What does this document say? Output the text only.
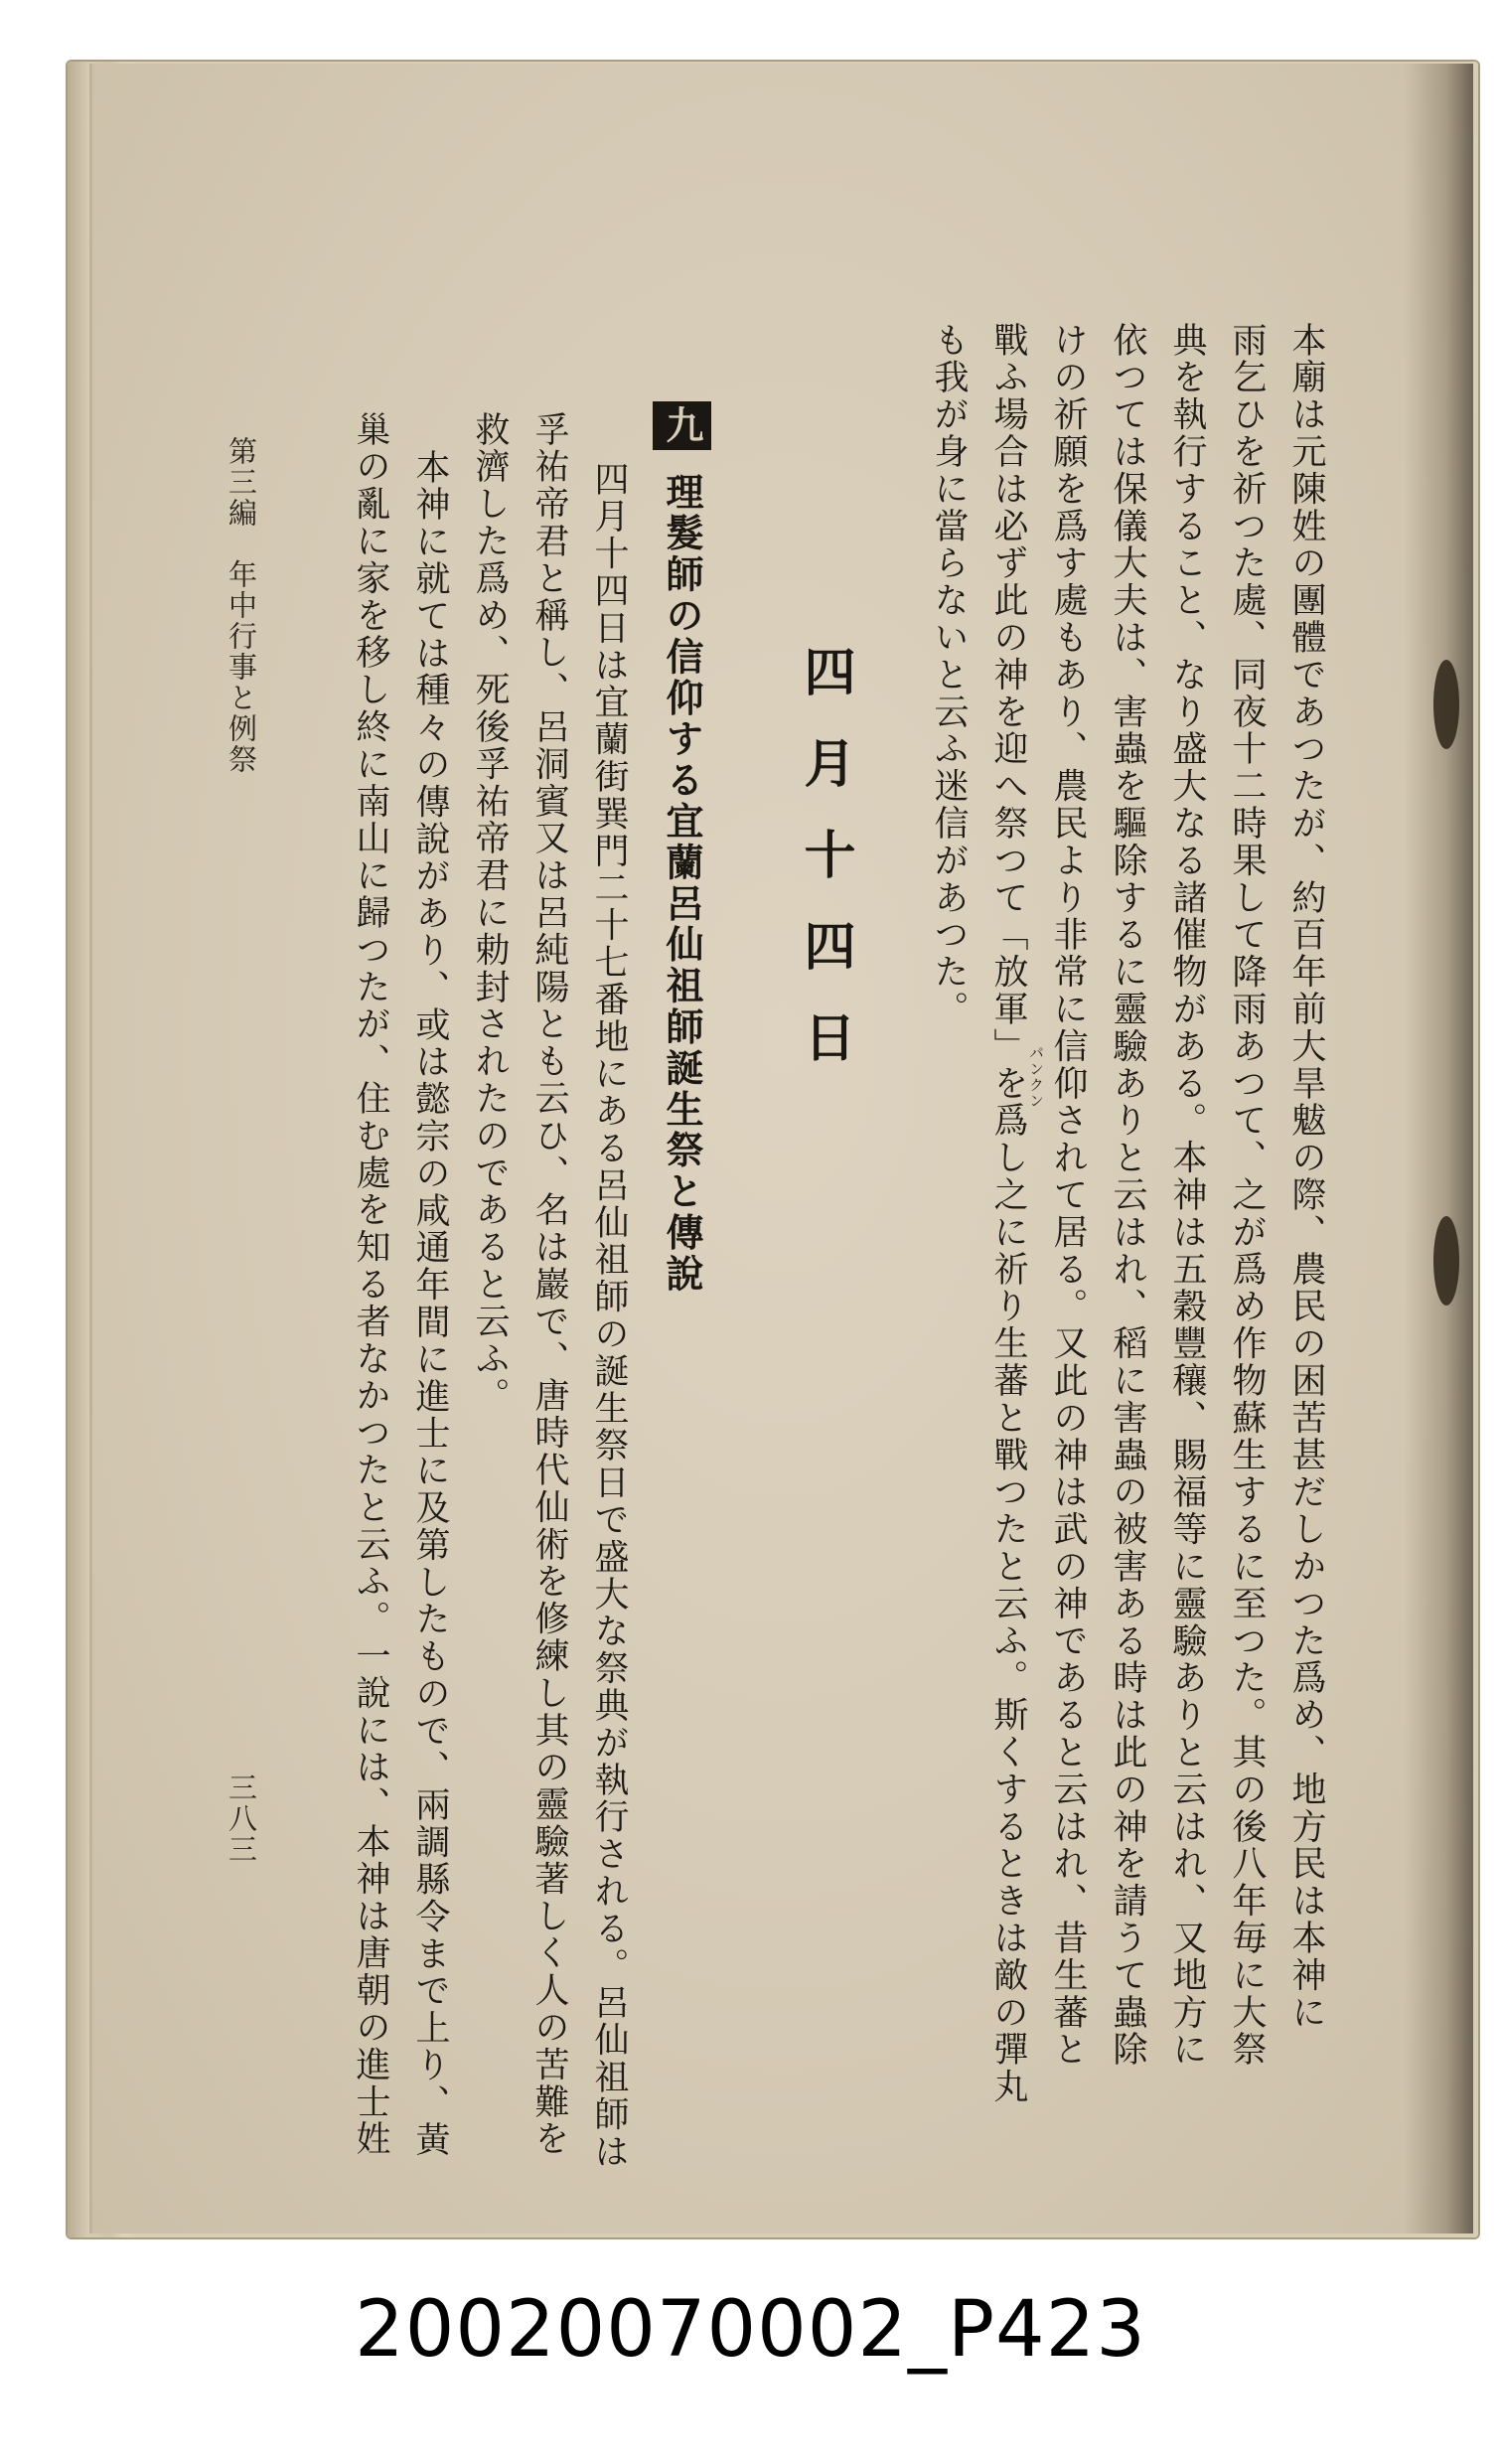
本廟は元陳姓の團體であつたが、約百年前大旱魃の際、農民の困苦甚だしかつた爲め、地方民は本神に
雨乞ひを祈つた處、同夜十二時果して降雨あつて、之が爲め作物蘇生するに至つた。其の後八年毎に大祭
典を執行すること、なり盛大なる諸催物がある。本神は五穀豐穰、賜福等に靈驗ありと云はれ、又地方に
依つては保儀大夫は、害蟲を驅除するに靈驗ありと云はれ、稻に害蟲の被害ある時は此の神を請うて蟲除
けの祈願を爲す處もあり、農民より非常に信仰されて居る。又此の神は武の神であると云はれ、昔生蕃と
戰ふ場合は必ず此の神を迎へ祭つて「放軍」を爲し之に祈り生蕃と戰つたと云ふ。斯くするときは敵の彈丸 パンクン
も我が身に當らないと云ふ迷信があつた。
四月十四日
九理髮師の信仰する宜蘭呂仙祖師誕生祭と傳說
四月十四日は宜蘭街巽門二十七番地にある呂仙祖師の誕生祭日で盛大な祭典が執行される。呂仙祖師は
孚祐帝君と稱し、呂洞賓又は呂純陽とも云ひ、名は巖で、唐時代仙術を修練し其の靈驗著しく人の苦難を
救濟した爲め、死後孚祐帝君に勅封されたのであると云ふ。
本神に就ては種々の傳說があり、或は懿宗の咸通年間に進士に及第したもので、兩調縣令まで上り、黃
巢の亂に家を移し終に南山に歸つたが、住む處を知る者なかつたと云ふ。一說には、本神は唐朝の進士姓
第三編　年中行事と例祭
三八三
20020070002_P423
